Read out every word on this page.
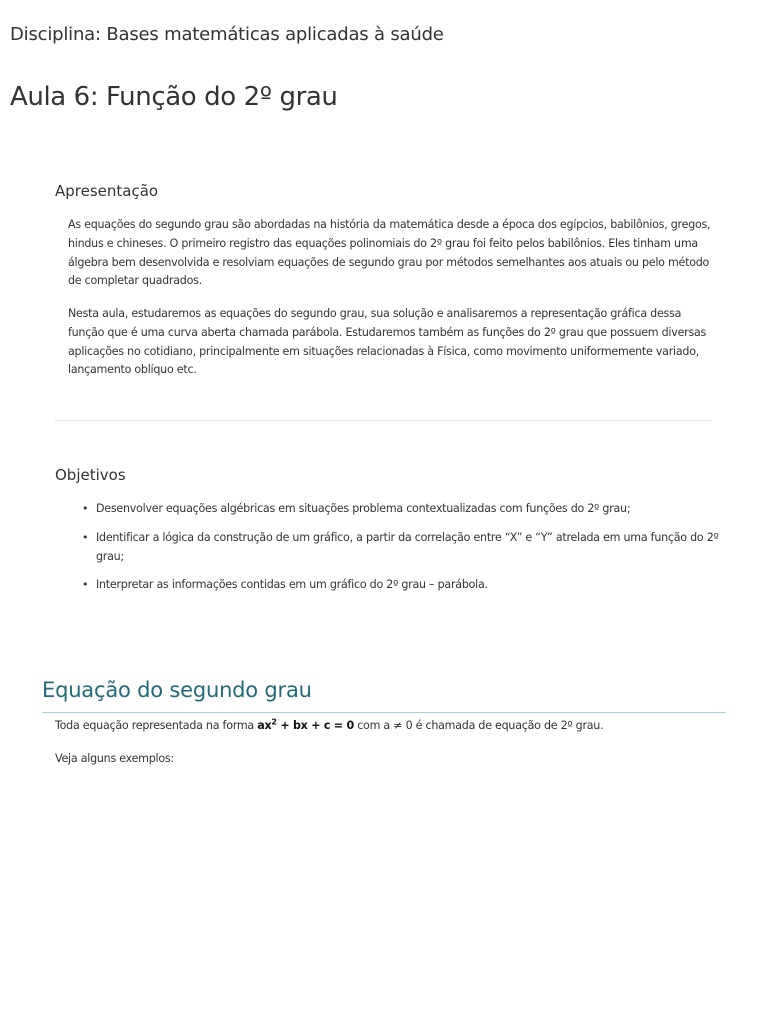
Disciplina: Bases matemáticas aplicadas à saúde
Aula 6: Função do 2º grau
Apresentação

As equações do segundo grau são abordadas na história da matemática desde a época dos egípcios, babilônios, gregos, hindus e chineses. O primeiro registro das equações polinomiais do 2º grau foi feito pelos babilônios. Eles tinham uma álgebra bem desenvolvida e resolviam equações de segundo grau por métodos semelhantes aos atuais ou pelo método de completar quadrados.

Nesta aula, estudaremos as equações do segundo grau, sua solução e analisaremos a representação gráfica dessa função que é uma curva aberta chamada parábola. Estudaremos também as funções do 2º grau que possuem diversas aplicações no cotidiano, principalmente em situações relacionadas à Física, como movimento uniformemente variado, lançamento oblíquo etc.

Objetivos
• Desenvolver equações algébricas em situações problema contextualizadas com funções do 2º grau;
• Identificar a lógica da construção de um gráfico, a partir da correlação entre “X” e “Y” atrelada em uma função do 2º grau;
• Interpretar as informações contidas em um gráfico do 2º grau – parábola.
Equação do segundo grau
Toda equação representada na forma $ax^2$ + bx + c = 0 com a ≠ 0 é chamada de equação de 2º grau.
Veja alguns exemplos:
